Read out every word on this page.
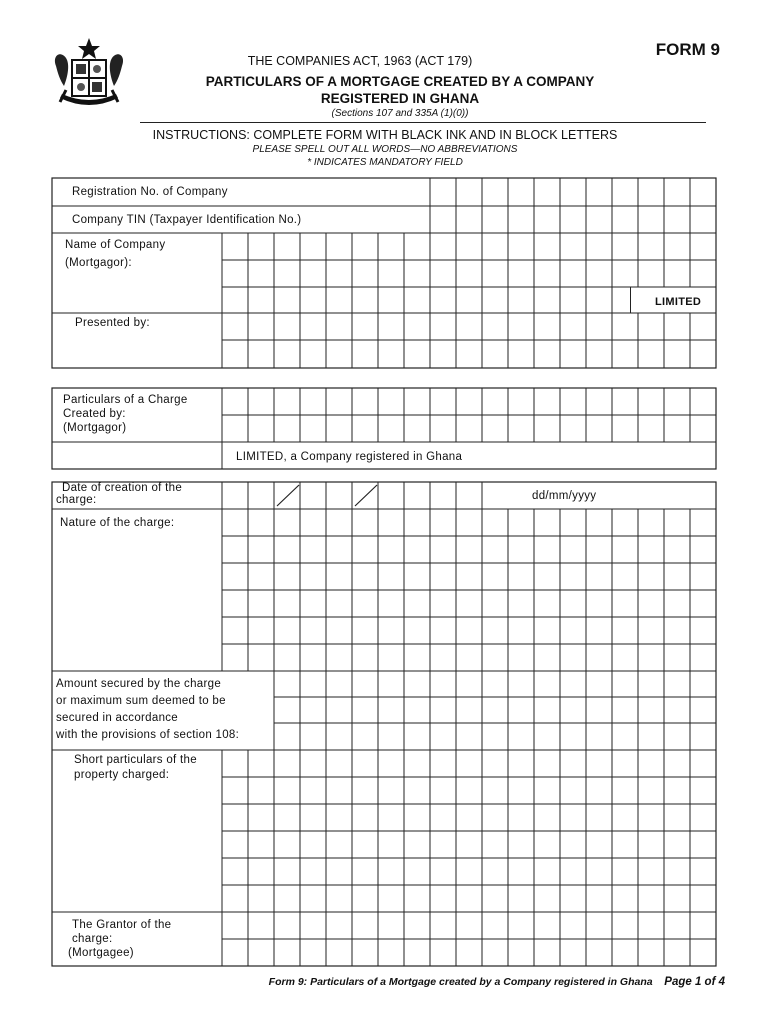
FORM 9
THE COMPANIES ACT, 1963 (ACT 179)
PARTICULARS OF A MORTGAGE CREATED BY A COMPANY
REGISTERED IN GHANA
(Sections 107 and 335A (1)(0))
INSTRUCTIONS: COMPLETE FORM WITH BLACK INK AND IN BLOCK LETTERS
PLEASE SPELL OUT ALL WORDS—NO ABBREVIATIONS
* INDICATES MANDATORY FIELD
Registration No. of Company
Company TIN (Taxpayer Identification No.)
Name of Company
(Mortgagor):
LIMITED
Presented by:
Particulars of a Charge
Created by:
(Mortgagor)
LIMITED, a Company registered in Ghana
Date of creation of the
charge:	dd/mm/yyyy
Nature of the charge:
Amount secured by the charge
or maximum sum deemed to be
secured in accordance
with the provisions of section 108:
Short particulars of the
property charged:
The Grantor of the
charge:
(Mortgagee)
Form 9: Particulars of a Mortgage created by a Company registered in Ghana Page 1 of 4
